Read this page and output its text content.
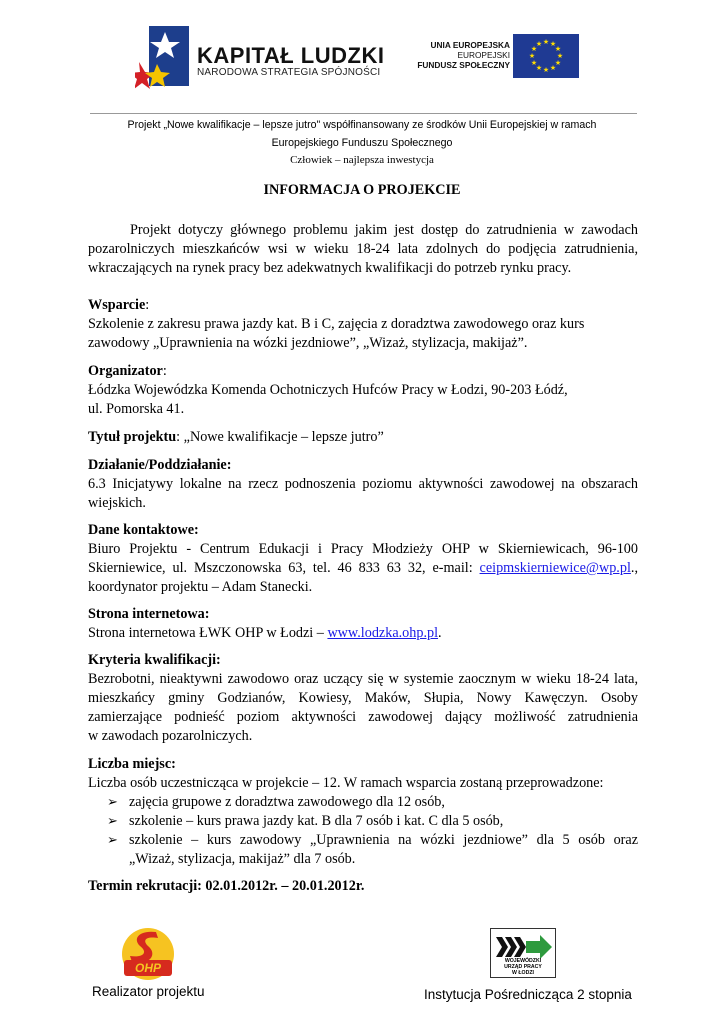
KAPITAŁ LUDZKI
NARODOWA STRATEGIA SPÓJNOŚCI
UNIA EUROPEJSKA
EUROPEJSKI
FUNDUSZ SPOŁECZNY
★ ★
★
★
★
★
★
★
★
★
★
★
Projekt „Nowe kwalifikacje – lepsze jutro" współfinansowany ze środków Unii Europejskiej w ramach
Europejskiego Funduszu Społecznego
Człowiek – najlepsza inwestycja
INFORMACJA O PROJEKCIE
Projekt dotyczy głównego problemu jakim jest dostęp do zatrudnienia w zawodach
pozarolniczych mieszkańców wsi w wieku 18-24 lata zdolnych do podjęcia zatrudnienia,
wkraczających na rynek pracy bez adekwatnych kwalifikacji do potrzeb rynku pracy.
Wsparcie:
Szkolenie z zakresu prawa jazdy kat. B i C, zajęcia z doradztwa zawodowego oraz kurs
zawodowy „Uprawnienia na wózki jezdniowe”, „Wizaż, stylizacja, makijaż”.
Organizator:
Łódzka Wojewódzka Komenda Ochotniczych Hufców Pracy w Łodzi, 90-203 Łódź,
ul. Pomorska 41.
Tytuł projektu: „Nowe kwalifikacje – lepsze jutro”
Działanie/Poddziałanie:
6.3 Inicjatywy lokalne na rzecz podnoszenia poziomu aktywności zawodowej na obszarach
wiejskich.
Dane kontaktowe:
Biuro Projektu - Centrum Edukacji i Pracy Młodzieży OHP w Skierniewicach, 96-100
Skierniewice, ul. Mszczonowska 63, tel. 46 833 63 32, e-mail: ceipmskierniewice@wp.pl.,
koordynator projektu – Adam Stanecki.
Strona internetowa:
Strona internetowa ŁWK OHP w Łodzi – www.lodzka.ohp.pl.
Kryteria kwalifikacji:
Bezrobotni, nieaktywni zawodowo oraz uczący się w systemie zaocznym w wieku 18-24 lata,
mieszkańcy gminy Godzianów, Kowiesy, Maków, Słupia, Nowy Kawęczyn. Osoby
zamierzające podnieść poziom aktywności zawodowej dający możliwość zatrudnienia
w zawodach pozarolniczych.
Liczba miejsc:
Liczba osób uczestnicząca w projekcie – 12. W ramach wsparcia zostaną przeprowadzone:
➢ zajęcia grupowe z doradztwa zawodowego dla 12 osób,
➢ szkolenie – kurs prawa jazdy kat. B dla 7 osób i kat. C dla 5 osób,
➢ szkolenie – kurs zawodowy „Uprawnienia na wózki jezdniowe” dla 5 osób oraz
„Wizaż, stylizacja, makijaż” dla 7 osób.
Termin rekrutacji: 02.01.2012r. – 20.01.2012r.
OHP
Realizator projektu
WOJEWÓDZKI
URZĄD PRACY
W ŁODZI
Instytucja Pośrednicząca 2 stopnia
